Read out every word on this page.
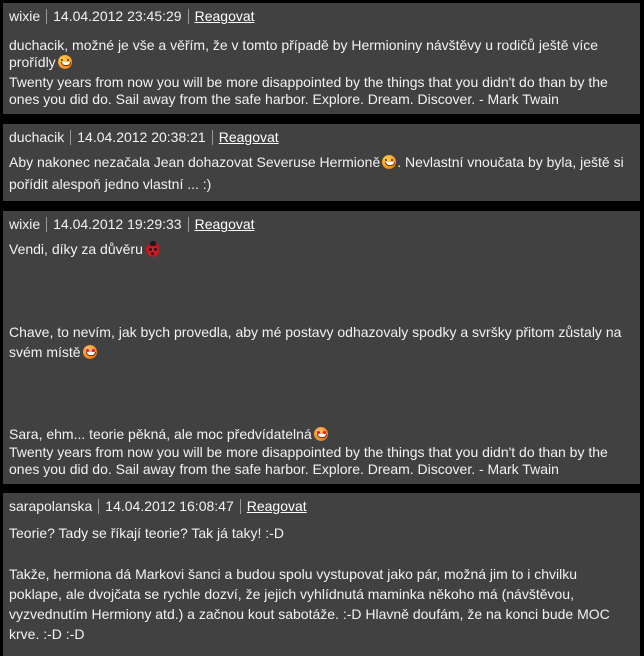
wixie 14.04.2012 23:45:29 Reagovat
duchacik, možné je vše a věřím, že v tomto případě by Hermioniny návštěvy u rodičů ještě více
prořídly
Twenty years from now you will be more disappointed by the things that you didn't do than by the
ones you did do. Sail away from the safe harbor. Explore. Dream. Discover. - Mark Twain
duchacik 14.04.2012 20:38:21 Reagovat
Aby nakonec nezačala Jean dohazovat Severuse Hermioně . Nevlastní vnoučata by byla, ještě si
pořídit alespoň jedno vlastní ... :)
wixie 14.04.2012 19:29:33 Reagovat
Vendi, díky za důvěru
Chave, to nevím, jak bych provedla, aby mé postavy odhazovaly spodky a svršky přitom zůstaly na
svém místě
Sara, ehm... teorie pěkná, ale moc předvídatelná
Twenty years from now you will be more disappointed by the things that you didn't do than by the
ones you did do. Sail away from the safe harbor. Explore. Dream. Discover. - Mark Twain
sarapolanska 14.04.2012 16:08:47 Reagovat
Teorie? Tady se říkají teorie? Tak já taky! :-D
Takže, hermiona dá Markovi šanci a budou spolu vystupovat jako pár, možná jim to i chvilku
poklape, ale dvojčata se rychle dozví, že jejich vyhlídnutá maminka někoho má (návštěvou,
vyzvednutím Hermiony atd.) a začnou kout sabotáže. :-D Hlavně doufám, že na konci bude MOC
krve. :-D :-D
